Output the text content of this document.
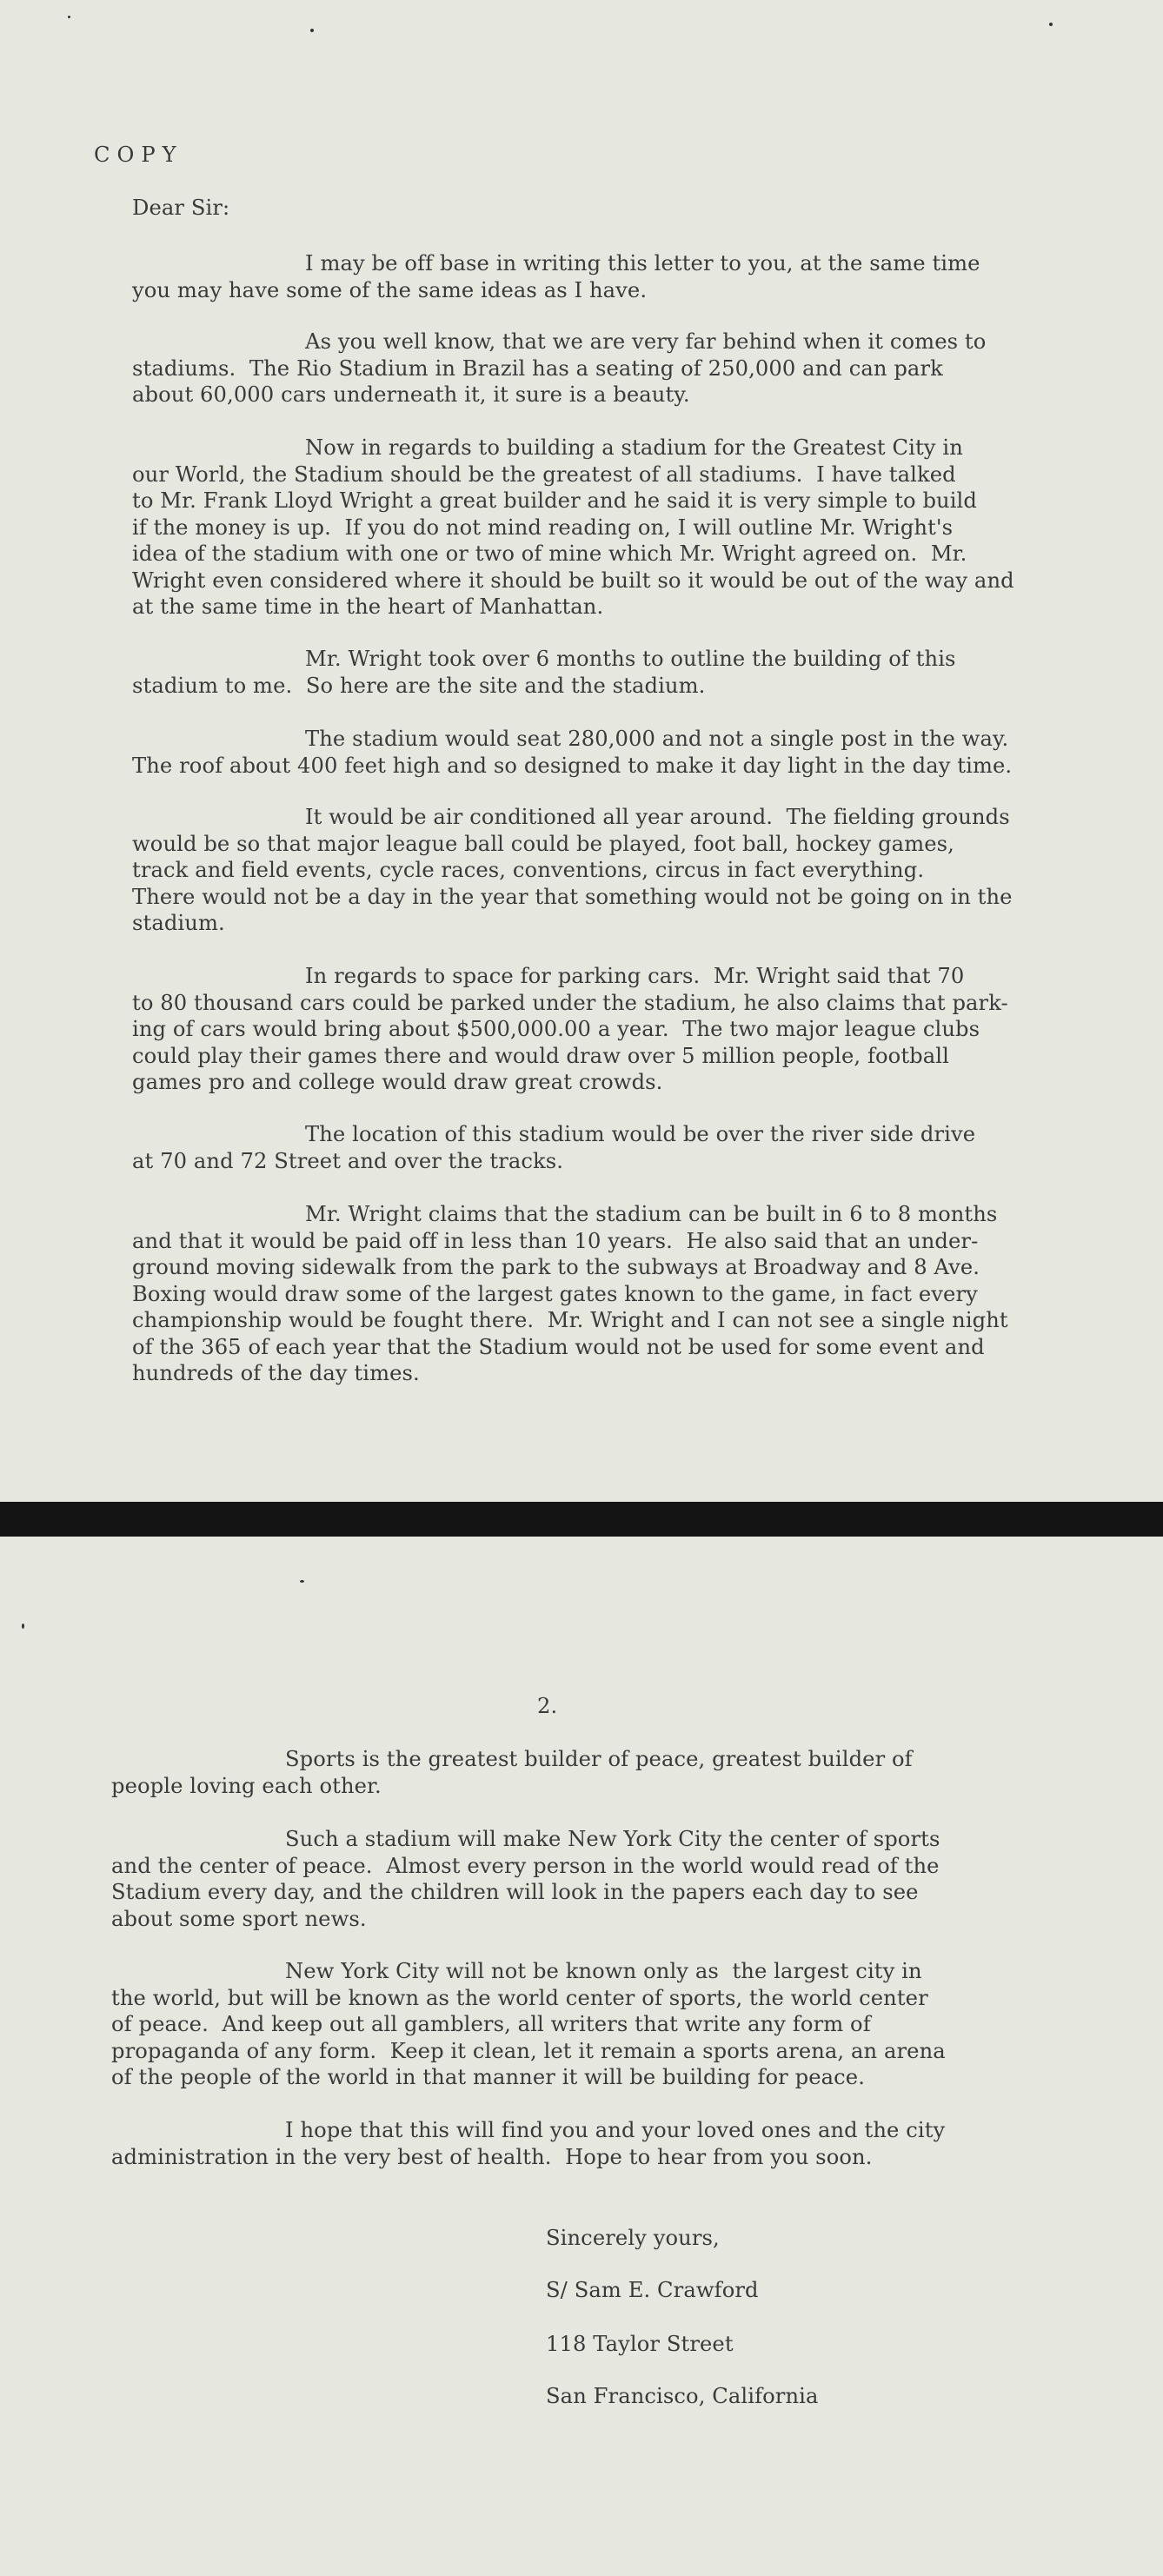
COPY
Dear Sir:
I may be off base in writing this letter to you, at the same time
you may have some of the same ideas as I have.
As you well know, that we are very far behind when it comes to
stadiums.  The Rio Stadium in Brazil has a seating of 250,000 and can park
about 60,000 cars underneath it, it sure is a beauty.
Now in regards to building a stadium for the Greatest City in
our World, the Stadium should be the greatest of all stadiums.  I have talked
to Mr. Frank Lloyd Wright a great builder and he said it is very simple to build
if the money is up.  If you do not mind reading on, I will outline Mr. Wright's
idea of the stadium with one or two of mine which Mr. Wright agreed on.  Mr.
Wright even considered where it should be built so it would be out of the way and
at the same time in the heart of Manhattan.
Mr. Wright took over 6 months to outline the building of this
stadium to me.  So here are the site and the stadium.
The stadium would seat 280,000 and not a single post in the way.
The roof about 400 feet high and so designed to make it day light in the day time.
It would be air conditioned all year around.  The fielding grounds
would be so that major league ball could be played, foot ball, hockey games,
track and field events, cycle races, conventions, circus in fact everything.
There would not be a day in the year that something would not be going on in the
stadium.
In regards to space for parking cars.  Mr. Wright said that 70
to 80 thousand cars could be parked under the stadium, he also claims that park-
ing of cars would bring about $500,000.00 a year.  The two major league clubs
could play their games there and would draw over 5 million people, football
games pro and college would draw great crowds.
The location of this stadium would be over the river side drive
at 70 and 72 Street and over the tracks.
Mr. Wright claims that the stadium can be built in 6 to 8 months
and that it would be paid off in less than 10 years.  He also said that an under-
ground moving sidewalk from the park to the subways at Broadway and 8 Ave.
Boxing would draw some of the largest gates known to the game, in fact every
championship would be fought there.  Mr. Wright and I can not see a single night
of the 365 of each year that the Stadium would not be used for some event and
hundreds of the day times.
2.
Sports is the greatest builder of peace, greatest builder of
people loving each other.
Such a stadium will make New York City the center of sports
and the center of peace.  Almost every person in the world would read of the
Stadium every day, and the children will look in the papers each day to see
about some sport news.
New York City will not be known only as  the largest city in
the world, but will be known as the world center of sports, the world center
of peace.  And keep out all gamblers, all writers that write any form of
propaganda of any form.  Keep it clean, let it remain a sports arena, an arena
of the people of the world in that manner it will be building for peace.
I hope that this will find you and your loved ones and the city
administration in the very best of health.  Hope to hear from you soon.
Sincerely yours,
S/ Sam E. Crawford
118 Taylor Street
San Francisco, California
